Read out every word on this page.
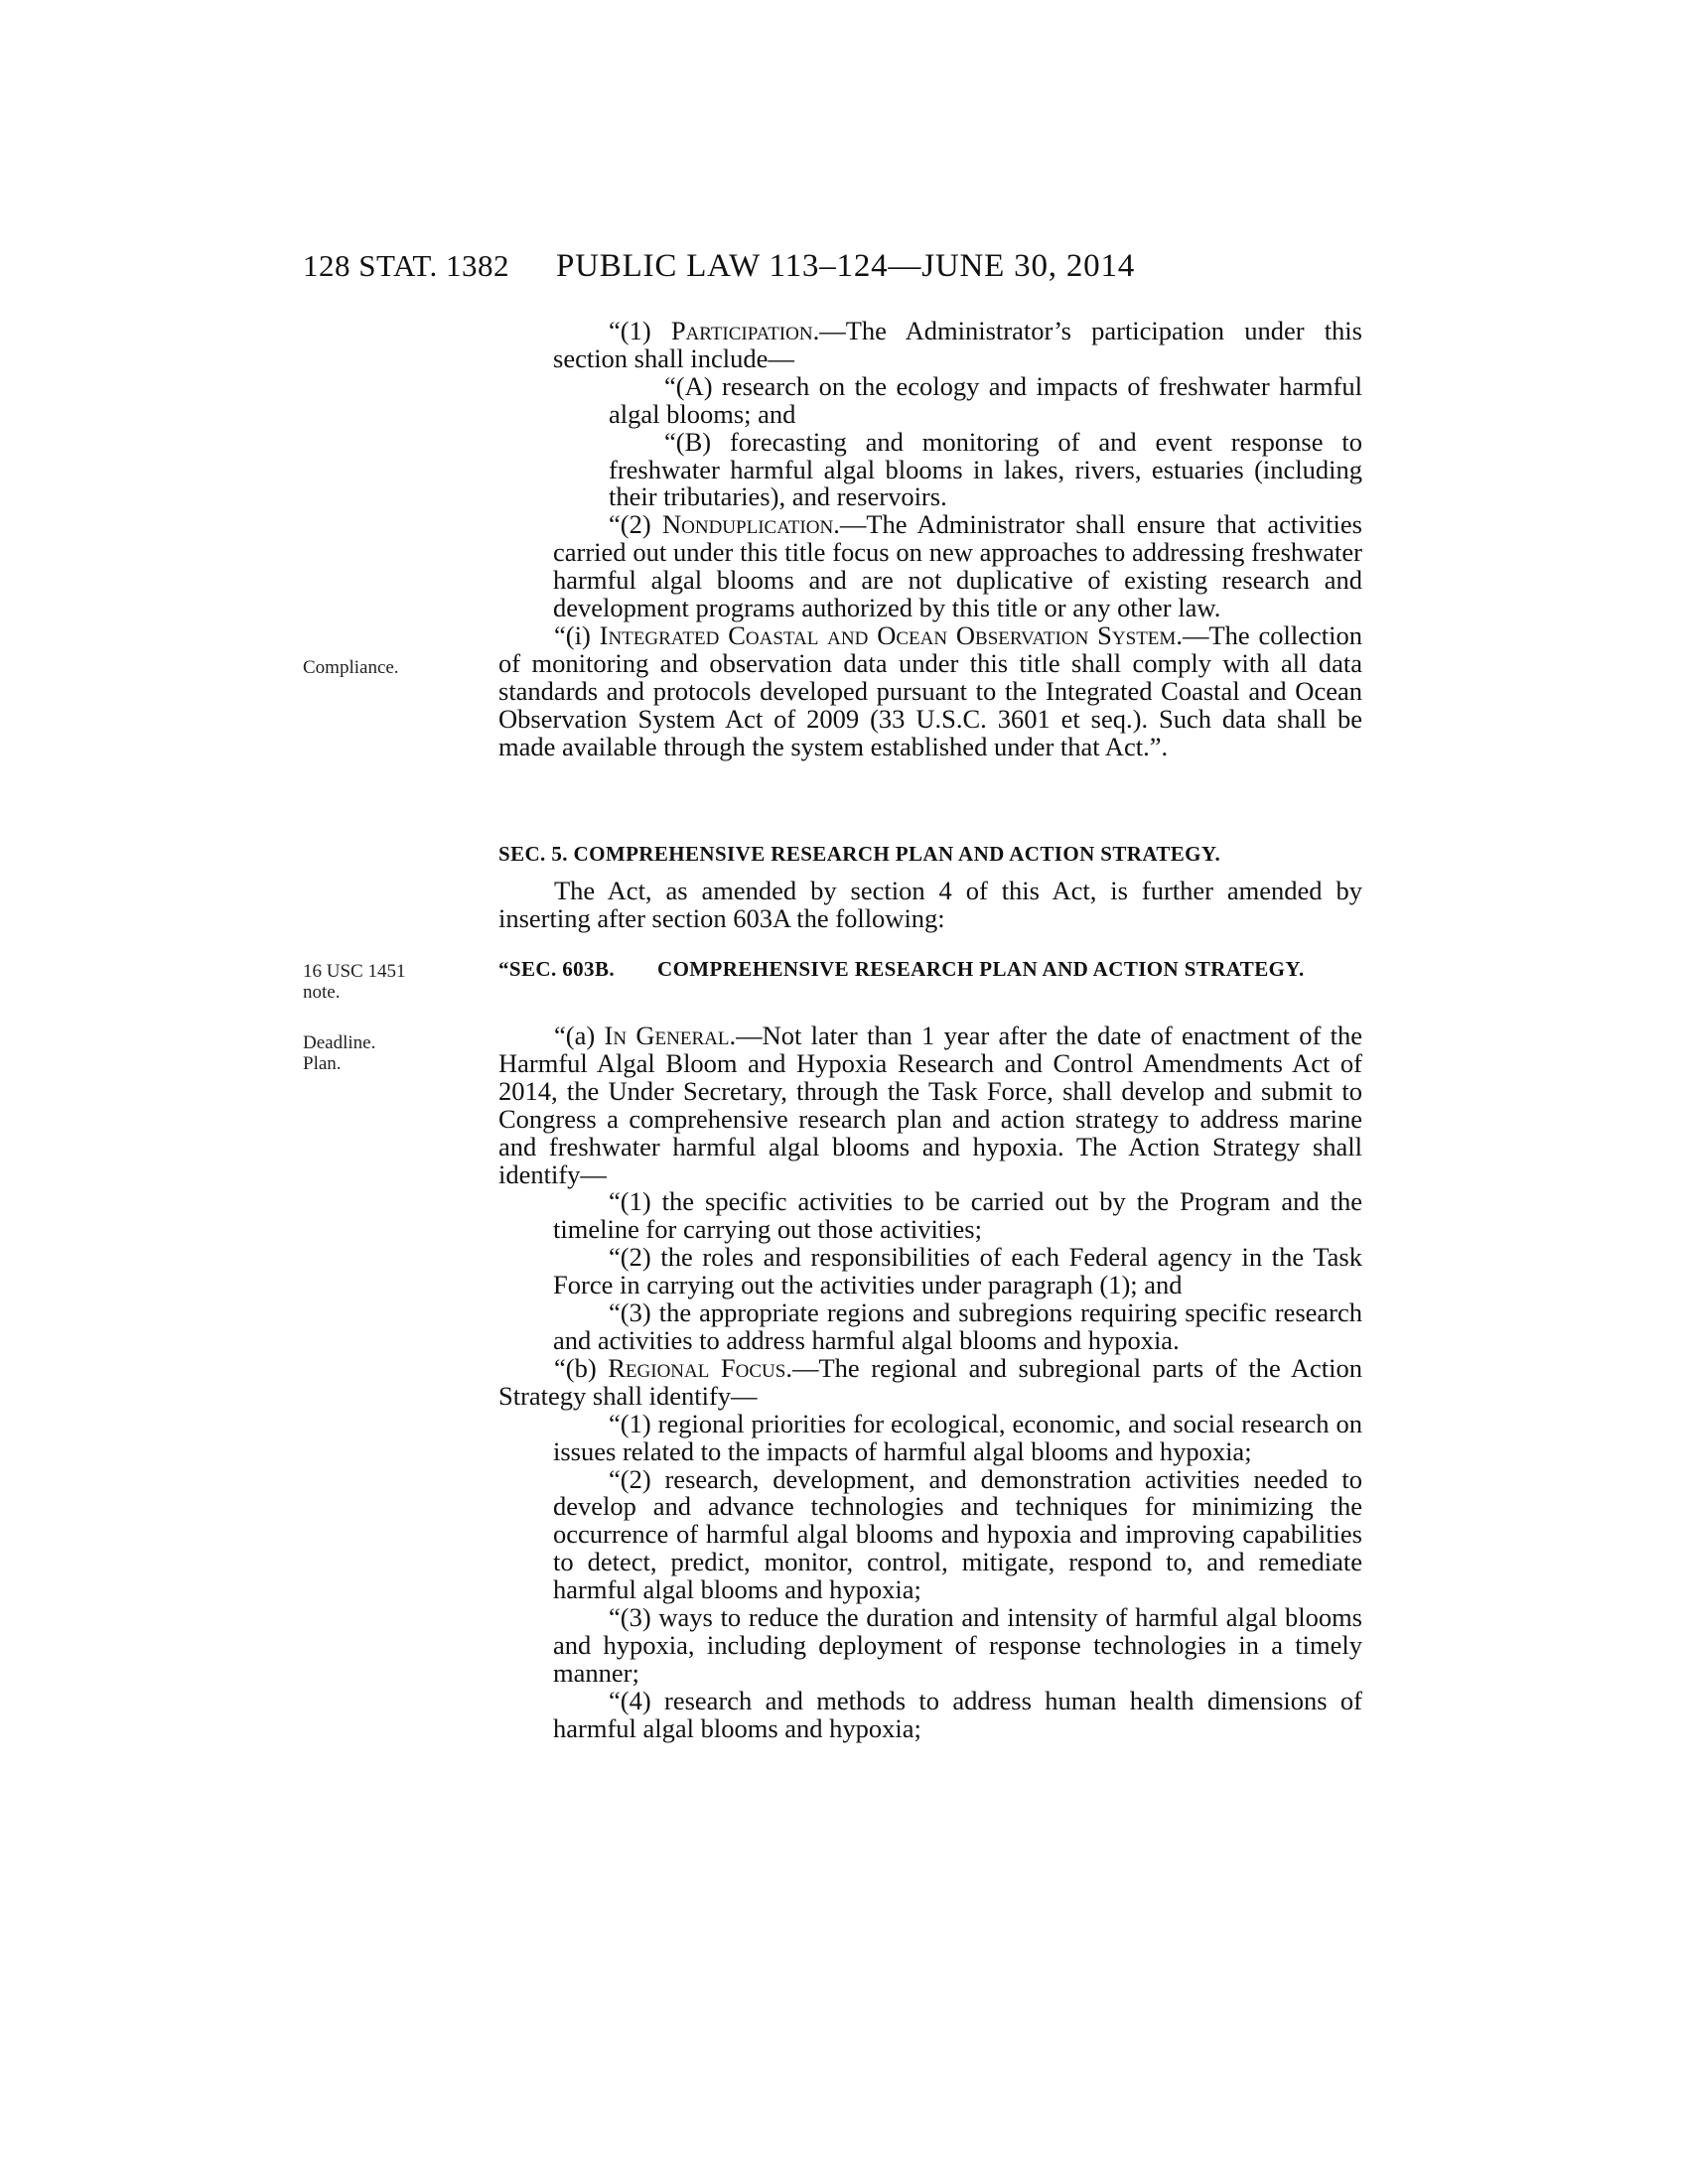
128 STAT. 1382 PUBLIC LAW 113–124—JUNE 30, 2014
Compliance.
16 USC 1451
note.
Deadline.
Plan.

“(1) Participation.—The Administrator’s participation under this section shall include—

“(A) research on the ecology and impacts of freshwater harmful algal blooms; and

“(B) forecasting and monitoring of and event response to freshwater harmful algal blooms in lakes, rivers, estuaries (including their tributaries), and reservoirs.

“(2) Nonduplication.—The Administrator shall ensure that activities carried out under this title focus on new approaches to addressing freshwater harmful algal blooms and are not duplicative of existing research and development programs authorized by this title or any other law.

“(i) Integrated Coastal and Ocean Observation System.—The collection of monitoring and observation data under this title shall comply with all data standards and protocols developed pursuant to the Integrated Coastal and Ocean Observation System Act of 2009 (33 U.S.C. 3601 et seq.). Such data shall be made available through the system established under that Act.”.

SEC. 5. COMPREHENSIVE RESEARCH PLAN AND ACTION STRATEGY.

The Act, as amended by section 4 of this Act, is further amended by inserting after section 603A the following:

“SEC. 603B. COMPREHENSIVE RESEARCH PLAN AND ACTION STRATEGY.

“(a) In General.—Not later than 1 year after the date of enactment of the Harmful Algal Bloom and Hypoxia Research and Control Amendments Act of 2014, the Under Secretary, through the Task Force, shall develop and submit to Congress a comprehensive research plan and action strategy to address marine and freshwater harmful algal blooms and hypoxia. The Action Strategy shall identify—

“(1) the specific activities to be carried out by the Program and the timeline for carrying out those activities;

“(2) the roles and responsibilities of each Federal agency in the Task Force in carrying out the activities under paragraph (1); and

“(3) the appropriate regions and subregions requiring specific research and activities to address harmful algal blooms and hypoxia.

“(b) Regional Focus.—The regional and subregional parts of the Action Strategy shall identify—

“(1) regional priorities for ecological, economic, and social research on issues related to the impacts of harmful algal blooms and hypoxia;

“(2) research, development, and demonstration activities needed to develop and advance technologies and techniques for minimizing the occurrence of harmful algal blooms and hypoxia and improving capabilities to detect, predict, monitor, control, mitigate, respond to, and remediate harmful algal blooms and hypoxia;

“(3) ways to reduce the duration and intensity of harmful algal blooms and hypoxia, including deployment of response technologies in a timely manner;

“(4) research and methods to address human health dimensions of harmful algal blooms and hypoxia;
